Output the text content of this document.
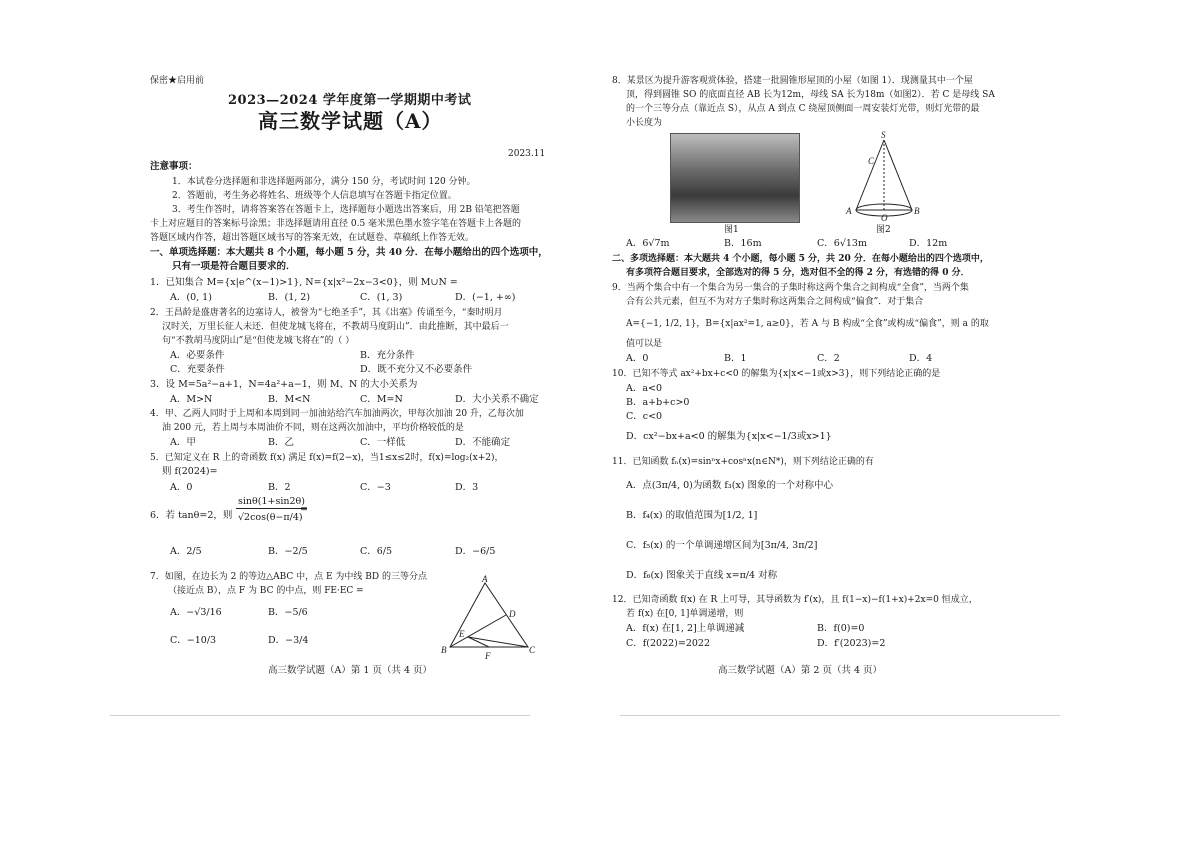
保密★启用前
2023—2024 学年度第一学期期中考试
高三数学试题（A）
2023.11
注意事项：
1．本试卷分选择题和非选择题两部分，满分 150 分，考试时间 120 分钟。
2．答题前，考生务必将姓名、班级等个人信息填写在答题卡指定位置。
3．考生作答时，请将答案答在答题卡上，选择题每小题选出答案后，用 2B 铅笔把答题
卡上对应题目的答案标号涂黑；非选择题请用直径 0.5 毫米黑色墨水签字笔在答题卡上各题的
答题区域内作答，超出答题区域书写的答案无效，在试题卷、草稿纸上作答无效。
一、单项选择题：本大题共 8 个小题，每小题 5 分，共 40 分．在每小题给出的四个选项中，
只有一项是符合题目要求的．
1．已知集合 M={x|e^(x−1)>1}, N={x|x²−2x−3<0}，则 M∪N =
A．(0, 1)	B．(1, 2)	C．(1, 3)	D．(−1, +∞)
2．王昌龄是盛唐著名的边塞诗人，被誉为“七绝圣手”，其《出塞》传诵至今，“秦时明月
汉时关，万里长征人未还．但使龙城飞将在，不教胡马度阴山”．由此推断，其中最后一
句“不教胡马度阴山”是“但使龙城飞将在”的（ ）
A．必要条件	B．充分条件
C．充要条件	D．既不充分又不必要条件
3．设 M=5a²−a+1，N=4a²+a−1，则 M、N 的大小关系为
A．M>N	B．M<N	C．M=N	D．大小关系不确定
4．甲、乙两人同时于上周和本周到同一加油站给汽车加油两次，甲每次加油 20 升，乙每次加
油 200 元，若上周与本周油价不同，则在这两次加油中，平均价格较低的是
A．甲	B．乙	C．一样低	D．不能确定
5．已知定义在 R 上的奇函数 f(x) 满足 f(x)=f(2−x)，当1≤x≤2时，f(x)=log₂(x+2)，
则 f(2024)=
A．0	B．2	C．−3	D．3
6．若 tanθ=2，则
sinθ(1+sin2θ)
√2cos(θ−π/4)
=
A．2/5	B．−2/5	C．6/5	D．−6/5
7．如图，在边长为 2 的等边△ABC 中，点 E 为中线 BD 的三等分点
（接近点 B），点 F 为 BC 的中点，则 FE·EC =
A．−√3/16	B．−5/6
C．−10/3	D．−3/4
A
D
E
B
F
C
高三数学试题（A）第 1 页（共 4 页）
8．某景区为提升游客观赏体验，搭建一批圆锥形屋顶的小屋（如图 1）．现测量其中一个屋
顶，得到圆锥 SO 的底面直径 AB 长为12m，母线 SA 长为18m（如图2）．若 C 是母线 SA
的一个三等分点（靠近点 S），从点 A 到点 C 绕屋顶侧面一周安装灯光带，则灯光带的最
小长度为
图1
S
C
A
O
B
图2
A．6√7m	B．16m	C．6√13m	D．12m
二、多项选择题：本大题共 4 个小题，每小题 5 分，共 20 分．在每小题给出的四个选项中，
有多项符合题目要求，全部选对的得 5 分，选对但不全的得 2 分，有选错的得 0 分．
9．当两个集合中有一个集合为另一集合的子集时称这两个集合之间构成“全食”，当两个集
合有公共元素，但互不为对方子集时称这两集合之间构成“偏食”．对于集合
A={−1, 1/2, 1}，B={x|ax²=1, a≥0}，若 A 与 B 构成“全食”或构成“偏食”，则 a 的取
值可以是
A．0	B．1	C．2	D．4
10．已知不等式 ax²+bx+c<0 的解集为{x|x<−1或x>3}，则下列结论正确的是
A．a<0
B．a+b+c>0
C．c<0
D．cx²−bx+a<0 的解集为{x|x<−1/3或x>1}
11．已知函数 fₙ(x)=sinⁿx+cosⁿx(n∈N*)，则下列结论正确的有
A．点(3π/4, 0)为函数 f₃(x) 图象的一个对称中心
B．f₄(x) 的取值范围为[1/2, 1]
C．f₅(x) 的一个单调递增区间为[3π/4, 3π/2]
D．f₆(x) 图象关于直线 x=π/4 对称
12．已知奇函数 f(x) 在 R 上可导，其导函数为 f′(x)，且 f(1−x)−f(1+x)+2x=0 恒成立，
若 f(x) 在[0, 1]单调递增，则
A．f(x) 在[1, 2]上单调递减	B．f(0)=0
C．f(2022)=2022	D．f′(2023)=2
高三数学试题（A）第 2 页（共 4 页）
